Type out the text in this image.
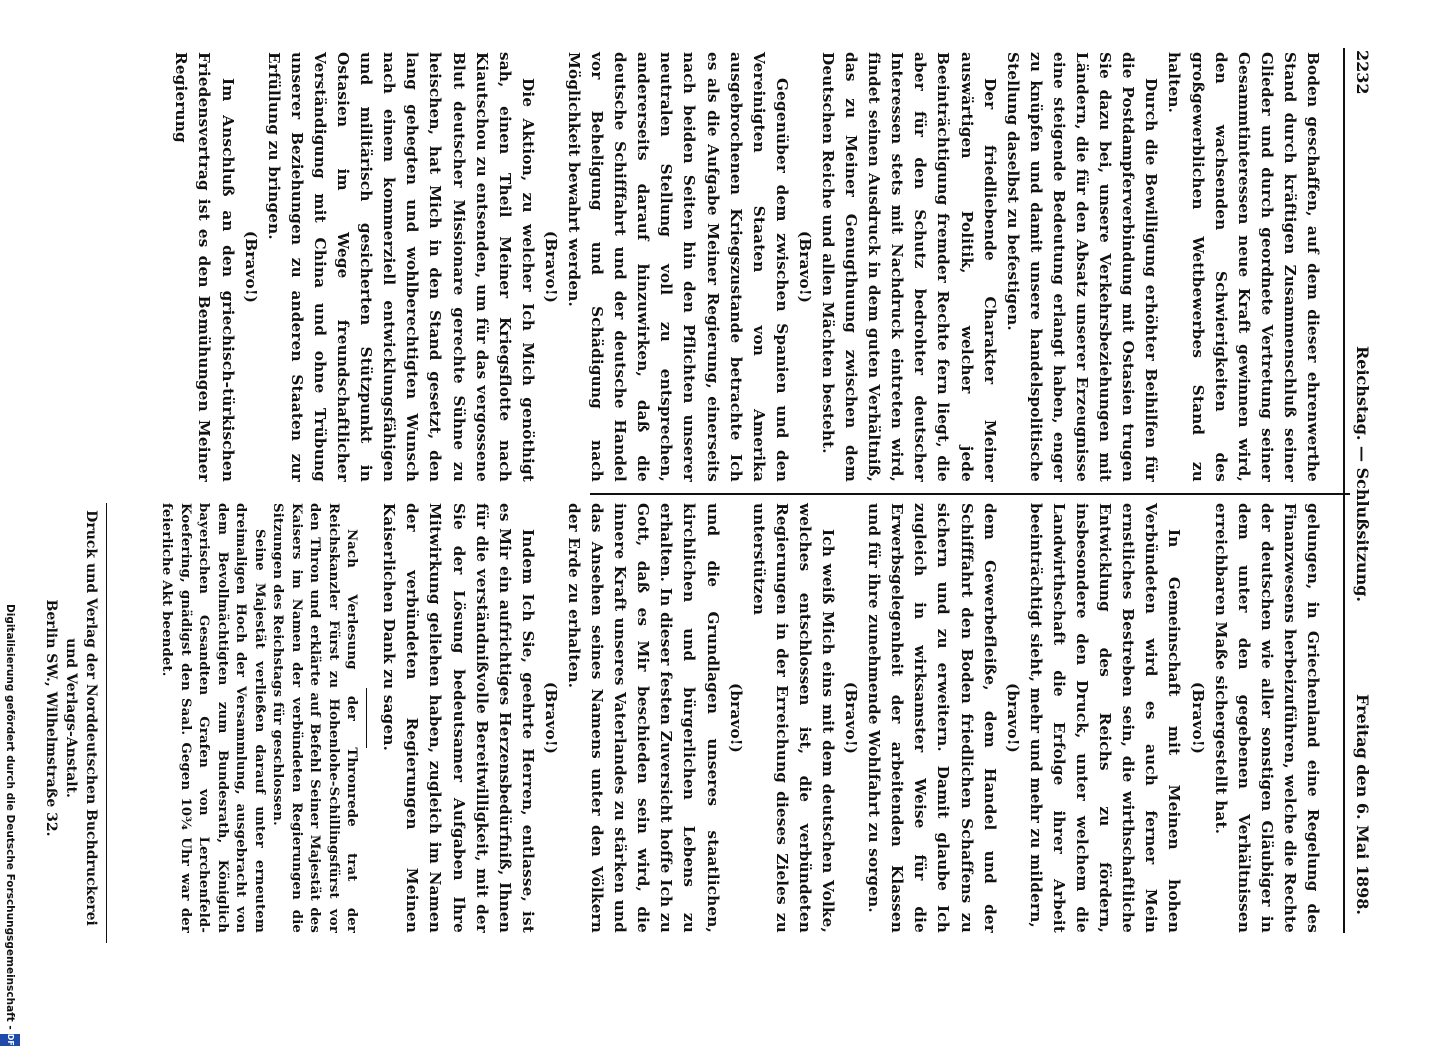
2232
Reichstag. — Schlußsitzung.
Freitag den 6. Mai 1898.

Boden geschaffen, auf dem dieser ehrenwerthe Stand durch kräftigen Zusammenschluß seiner Glieder und durch geordnete Vertretung seiner Gesammtinteressen neue Kraft gewinnen wird, den wachsenden Schwierigkeiten des großgewerblichen Wettbewerbes Stand zu halten.

Durch die Bewilligung erhöhter Beihilfen für die Postdampferverbindung mit Ostasien trugen Sie dazu bei, unsere Verkehrsbeziehungen mit Ländern, die für den Absatz unserer Erzeugnisse eine steigende Bedeutung erlangt haben, enger zu knüpfen und damit unsere handelspolitische Stellung daselbst zu befestigen.

Der friedliebende Charakter Meiner auswärtigen Politik, welcher jede Beeinträchtigung fremder Rechte fern liegt, die aber für den Schutz bedrohter deutscher Interessen stets mit Nachdruck eintreten wird, findet seinen Ausdruck in dem guten Verhältniß, das zu Meiner Genugthuung zwischen dem Deutschen Reiche und allen Mächten besteht.

(Bravo!)

Gegenüber dem zwischen Spanien und den Vereinigten Staaten von Amerika ausgebrochenen Kriegszustande betrachte Ich es als die Aufgabe Meiner Regierung, einerseits nach beiden Seiten hin den Pflichten unserer neutralen Stellung voll zu entsprechen, andererseits darauf hinzuwirken, daß die deutsche Schifffahrt und der deutsche Handel vor Beheligung und Schädigung nach Möglichkeit bewahrt werden.

(Bravo!)

Die Aktion, zu welcher Ich Mich genöthigt sah, einen Theil Meiner Kriegsflotte nach Kiautschou zu entsenden, um für das vergossene Blut deutscher Missionare gerechte Sühne zu heischen, hat Mich in den Stand gesetzt, den lang gehegten und wohlberechtigten Wunsch nach einem kommerziell entwicklungsfähigen und militärisch gesicherten Stützpunkt in Ostasien im Wege freundschaftlicher Verständigung mit China und ohne Trübung unserer Beziehungen zu anderen Staaten zur Erfüllung zu bringen.

(Bravo!)

Im Anschluß an den griechisch-türkischen Friedensvertrag ist es den Bemühungen Meiner Regierung

gelungen, in Griechenland eine Regelung des Finanzwesens herbeizuführen, welche die Rechte der deutschen wie aller sonstigen Gläubiger in dem unter den gegebenen Verhältnissen erreichbaren Maße sichergestellt hat.

(Bravo!)

In Gemeinschaft mit Meinen hohen Verbündeten wird es auch ferner Mein ernstliches Bestreben sein, die wirthschaftliche Entwicklung des Reichs zu fördern, insbesondere den Druck, unter welchem die Landwirthschaft die Erfolge ihrer Arbeit beeinträchtigt sieht, mehr und mehr zu mildern,

(bravo!)

dem Gewerbefleiße, dem Handel und der Schifffahrt den Boden friedlichen Schaffens zu sichern und zu erweitern. Damit glaube Ich zugleich in wirksamster Weise für die Erwerbsgelegenheit der arbeitenden Klassen und für ihre zunehmende Wohlfahrt zu sorgen.

(Bravo!)

Ich weiß Mich eins mit dem deutschen Volke, welches entschlossen ist, die verbündeten Regierungen in der Erreichung dieses Zieles zu unterstützen

(bravo!)

und die Grundlagen unseres staatlichen, kirchlichen und bürgerlichen Lebens zu erhalten. In dieser festen Zuversicht hoffe Ich zu Gott, daß es Mir beschieden sein wird, die innere Kraft unseres Vaterlandes zu stärken und das Ansehen seines Namens unter den Völkern der Erde zu erhalten.

(Bravo!)

Indem Ich Sie, geehrte Herren, entlasse, ist es Mir ein aufrichtiges Herzensbedürfniß, Ihnen für die verständnißvolle Bereitwilligkeit, mit der Sie der Lösung bedeutsamer Aufgaben Ihre Mitwirkung geliehen haben, zugleich im Namen der verbündeten Regierungen Meinen Kaiserlichen Dank zu sagen.

Nach Verlesung der Thronrede trat der Reichskanzler Fürst zu Hohenlohe-Schillingsfürst vor den Thron und erklärte auf Befehl Seiner Majestät des Kaisers im Namen der verbündeten Regierungen die Sitzungen des Reichstags für geschlossen.

Seine Majestät verließen darauf unter erneutem dreimaligen Hoch der Versammlung, ausgebracht von dem Bevollmächtigten zum Bundesrath, Königlich bayerischen Gesandten Grafen von Lerchenfeld-Koefering, gnädigst den Saal. Gegen 10¾ Uhr war der feierliche Akt beendet.

Druck und Verlag der Norddeutschen Buchdruckerei und Verlags-Anstalt.
Berlin SW., Wilhelmstraße 32.
Digitalisierung gefördert durch die Deutsche Forschungsgemeinschaft -DFG
